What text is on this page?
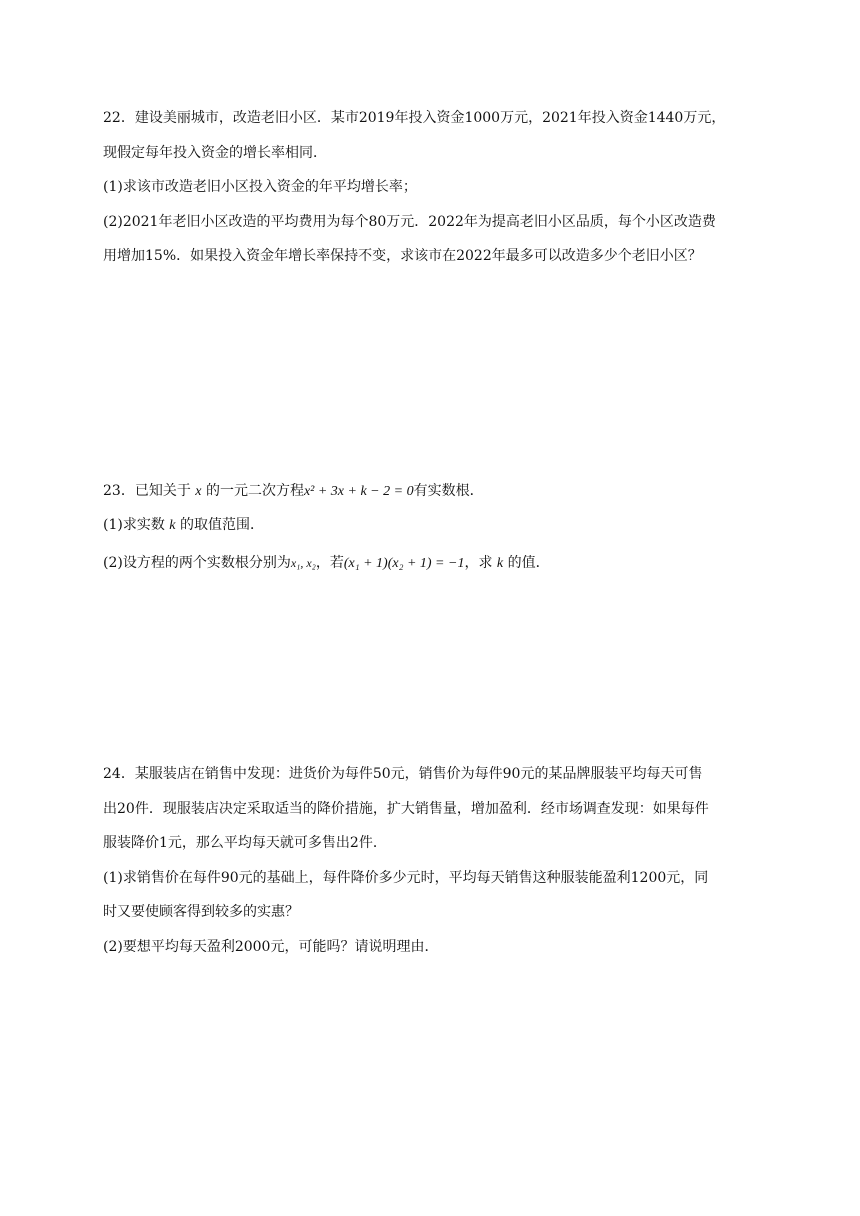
22．建设美丽城市，改造老旧小区．某市2019年投入资金1000万元，2021年投入资金1440万元，
现假定每年投入资金的增长率相同．
(1)求该市改造老旧小区投入资金的年平均增长率；
(2)2021年老旧小区改造的平均费用为每个80万元．2022年为提高老旧小区品质，每个小区改造费
用增加15%．如果投入资金年增长率保持不变，求该市在2022年最多可以改造多少个老旧小区？
23．已知关于 x 的一元二次方程x² + 3x + k − 2 = 0有实数根．
(1)求实数 k 的取值范围．
(2)设方程的两个实数根分别为x₁, x₂，若(x₁ + 1)(x₂ + 1) = −1，求 k 的值．
24．某服装店在销售中发现：进货价为每件50元，销售价为每件90元的某品牌服装平均每天可售
出20件．现服装店决定采取适当的降价措施，扩大销售量，增加盈利．经市场调查发现：如果每件
服装降价1元，那么平均每天就可多售出2件．
(1)求销售价在每件90元的基础上，每件降价多少元时，平均每天销售这种服装能盈利1200元，同
时又要使顾客得到较多的实惠？
(2)要想平均每天盈利2000元，可能吗？请说明理由．
